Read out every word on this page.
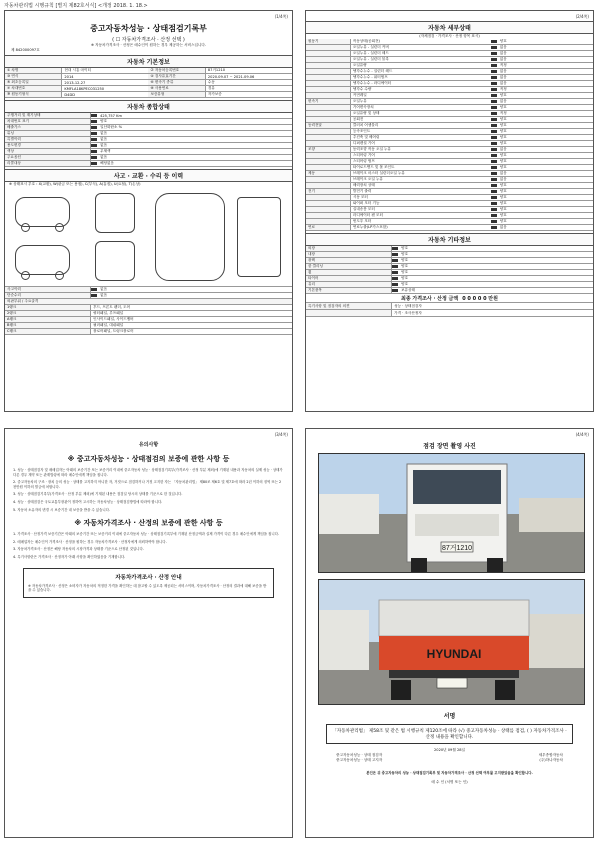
자동차관리법 시행규칙 [별지 제82호서식] <개정 2018. 1. 18.>
(1/4쪽)
중고자동차성능 · 상태점검기록부
( ☐ 자동차가격조사 · 산정 선택 )
※ 자동차가격조사 · 산정은 매수인이 원하는 경우 제공하는 서비스입니다.
제 842000097호
자동차 기본정보
① 차명	현대 시흥 마이티	② 자동차등록번호	87거1210
③ 연식	2014	④ 검사유효기간	2020.09.07 ~ 2021.09.06
⑤ 최초등록일	2013-12-27	⑥ 변속기 종류	수동
⑦ 차대번호	KMFLA18KPEC031250	⑧ 사용연료	경유
⑨ 원동기형식	D4DD	보증유형	자가보증
자동차 종합상태
주행거리 및 계기상태	425,757 Km
차대번호 표기	양호
배출가스	일산화탄소 %
튜닝	없음
특별이력	없음
용도변경	없음
색상	무채색
주요옵션	없음
리콜대상	해당없음
사고 · 교환 · 수리 등 이력
※ 상태표시 부호 : X(교환), W(판금 또는 용접), C(부식), A(흠집), U(요철), T(손상)
사고이력	없음
단순수리	없음
외판부위 / 주요골격
1랭크	후드, 프론트 펜더, 도어
2랭크	쿼터패널, 루프패널
A랭크	인사이드패널, 사이드멤버
B랭크	필러패널, 대쉬패널
C랭크	플로어패널, 트렁크플로어
(2/4쪽)
자동차 세부상태
(자체점검 · 가격조사 · 산정 항목 표시)
원동기	작동상태(공회전)	양호
오일누유 - 실린더 커버	없음
오일누유 - 실린더 헤드	없음
오일누유 - 실린더 블록	없음
오일유량	적정
냉각수누수 - 실린더 헤드	없음
냉각수누수 - 워터펌프	없음
냉각수누수 - 라디에이터	없음
냉각수 수량	적정
커먼레일	양호
변속기	오일누유	없음
기어변속장치	양호
오일유량 및 상태	적정
공회전	양호
동력전달	클러치 어셈블리	양호
등속조인트	양호
추진축 및 베어링	양호
디퍼렌셜 기어	양호
조향	동력조향 작동 오일 누유	없음
스티어링 기어	양호
스티어링 펌프	양호
타이로드엔드 및 볼 조인트	양호
제동	브레이크 마스터 실린더오일 누유	없음
브레이크 오일 누유	없음
배력장치 상태	양호
전기	발전기 출력	양호
시동 모터	양호
와이퍼 모터 기능	양호
실내송풍 모터	양호
라디에이터 팬 모터	양호
윈도우 모터	양호
연료	연료누출(LP가스포함)	없음
자동차 기타정보
외장	양호
내장	양호
광택	양호
룸 클리닝	양호
휠	양호
타이어	양호
유리	양호
기본품목	보유상태
최종 가격조사 · 산정 금액 0 0 0 0 0 만원
특기사항 및 점검자의 의견	성능 · 상태점검자
가격 · 조사산정자
(3/4쪽)
유의사항
※ 중고자동차성능 · 상태점검의 보증에 관한 사항 등
1. 성능 · 상태점검자 및 매매업자는 아래의 보증기간 또는 보증거리 이내에 중고자동차 성능 · 상태점검기록부(가격조사 · 산정 부분 제외)에 기재된 내용과 자동차의 실제 성능 · 상태가 다른 경우 계약 또는 관계법령에 따라 매수인에게 책임을 집니다.
2. 중고자동차의 구조 · 장치 등의 성능 · 상태를 고지하지 아니한 자, 거짓으로 점검하거나 거짓 고지한 자는 「자동차관리법」 제80조 제6호 및 제7호에 따라 2년 이하의 징역 또는 2천만원 이하의 벌금에 처합니다.
3. 성능 · 상태점검기록부(가격조사 · 산정 부분 제외)에 기재된 내용은 점검일 당시의 상태를 기준으로 한 것입니다.
4. 성능 · 상태점검은 국토교통부장관이 정하여 고시하는 자동차성능 · 상태점검방법에 따라야 합니다.
5. 자동차 소유자의 변경 시 보증기간 내 보증을 받을 수 있습니다.
※ 자동차가격조사 · 산정의 보증에 관한 사항 등
1. 가격조사 · 산정가격 보증기간은 아래의 보증기간 또는 보증거리 이내에 중고자동차 성능 · 상태점검기록부에 기재된 산정금액과 실제 가격이 다른 경우 매수인에게 책임을 집니다.
2. 매매업자는 매수인이 가격조사 · 산정을 원하는 경우 자동차가격조사 · 산정자에게 의뢰하여야 합니다.
3. 자동차가격조사 · 산정은 해당 자동차의 시장가격과 상태를 기준으로 산정된 것입니다.
4. 특기사항란은 가격조사 · 산정자가 아래 사항을 확인하였음을 기재합니다.
자동차가격조사 · 산정 안내
※ 자동차가격조사 · 산정은 소비자가 자동차의 적정한 가격을 확인하는 데 참고할 수 있도록 제공되는 서비스이며, 자동차가격조사 · 산정의 결과에 대해 보증을 받을 수 있습니다.
(4/4쪽)
점검 장면 촬영 사진
87거1210
HYUNDAI
서명
「자동차관리법」 제58조 및 같은 법 시행규칙 제120조에 따라 (√) 중고자동차성능 · 상태를 점검, ( ) 자동차가격조사 · 산정 내용을 확인합니다.
2020년 09월 28일
중고자동차성능 · 상태 점검자	세우종합자동차
중고자동차성능 · 상태 고지자	(주)하나자동차
본인은 위 중고자동차의 성능 · 상태점검기록부 및 자동차가격조사 · 산정 선택 여부를 고지받았음을 확인합니다.
매 수 인 (서명 또는 인)
